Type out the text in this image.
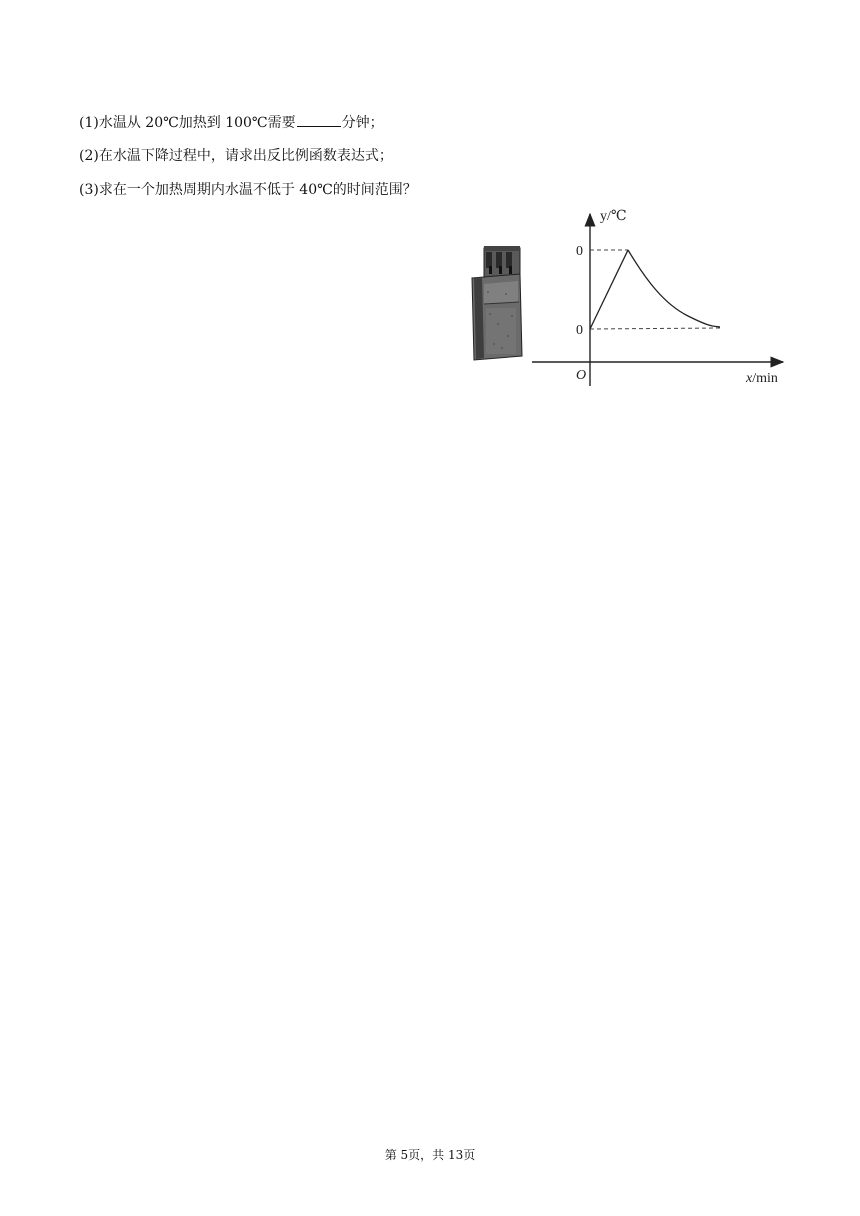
(1)水温从 20℃加热到 100℃需要	分钟；
(2)在水温下降过程中，请求出反比例函数表达式；
(3)求在一个加热周期内水温不低于 40℃的时间范围？
y/℃
0
0
O	x/min
第 5页，共 13页
